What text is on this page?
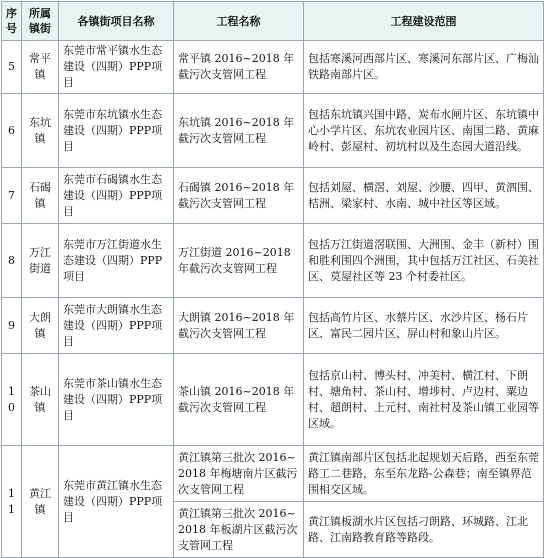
序号	所属镇街	各镇街项目名称	工程名称	工程建设范围
5	常平镇	东莞市常平镇水生态建设（四期）PPP项目	常平镇 2016~2018 年截污次支管网工程	包括寒溪河西部片区、寒溪河东部片区、广梅汕铁路南部片区。
6	东坑镇	东莞市东坑镇水生态建设（四期）PPP项目	东坑镇 2016~2018 年截污次支管网工程	包括东坑镇兴国中路、炭布水闸片区、东坑镇中心小学片区、东坑农业园片区、南国二路、黄麻岭村、彭屋村、初坑村以及生态园大道沿线。
7	石碣镇	东莞市石碣镇水生态建设（四期）PPP项目	石碣镇 2016~2018 年截污次支管网工程	包括刘屋、横滘、刘屋、沙腰、四甲、黄泗围、桔洲、梁家村、水南、城中社区等区域。
8	万江街道	东莞市万江街道水生态建设（四期）PPP项目	万江街道 2016~2018 年截污次支管网工程	包括万江街道滘联围、大洲围、金丰（新村）围和胜利围四个洲围，其中包括万江社区、石美社区、莫屋社区等 23 个村委社区。
9	大朗镇	东莞市大朗镇水生态建设（四期）PPP项目	大朗镇 2016~2018 年截污次支管网工程	包括高竹片区、水蔡片区、水沙片区、杨石片区、富民二园片区、屏山村和象山片区。
10	茶山镇	东莞市茶山镇水生态建设（四期）PPP项目	茶山镇 2016~2018 年截污次支管网工程	包括京山村、博头村、冲美村、横江村、下朗村、塘角村、茶山村、增埗村、卢边村、粟边村、超朗村、上元村、南社村及茶山镇工业园等区域。
11	黄江镇	东莞市黄江镇水生态建设（四期）PPP项目	黄江镇第三批次 2016~2018 年梅塘南片区截污次支管网工程	黄江镇南部片区包括北起规划天后路，西至东莞路工二巷路，东至东龙路-公森巷；南至镇界范围相交区域。
			黄江镇第三批次 2016~2018 年板湖片区截污次支管网工程	黄江镇板湖水片区包括刁朗路、环城路、江北路、江南路教育路等路段。
